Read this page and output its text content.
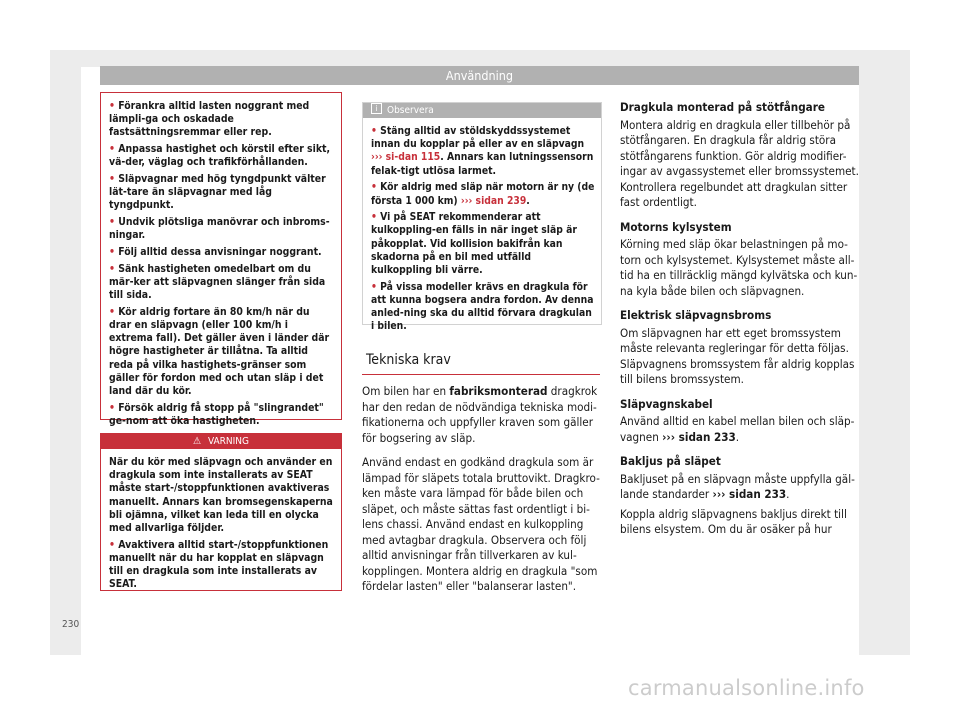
Användning

• Förankra alltid lasten noggrant med lämpli-ga och oskadade fastsättningsremmar eller rep.

• Anpassa hastighet och körstil efter sikt, vä-der, väglag och trafikförhållanden.

• Släpvagnar med hög tyngdpunkt välter lät-tare än släpvagnar med låg tyngdpunkt.

• Undvik plötsliga manövrar och inbroms-ningar.

• Följ alltid dessa anvisningar noggrant.

• Sänk hastigheten omedelbart om du mär-ker att släpvagnen slänger från sida till sida.

• Kör aldrig fortare än 80 km/h när du drar en släpvagn (eller 100 km/h i extrema fall). Det gäller även i länder där högre hastigheter är tillåtna. Ta alltid reda på vilka hastighets-gränser som gäller för fordon med och utan släp i det land där du kör.

• Försök aldrig få stopp på "slingrandet" ge-nom att öka hastigheten.

⚠ VARNING

När du kör med släpvagn och använder en dragkula som inte installerats av SEAT måste start-/stoppfunktionen avaktiveras manuellt. Annars kan bromsegenskaperna bli ojämna, vilket kan leda till en olycka med allvarliga följder.

• Avaktivera alltid start-/stoppfunktionen manuellt när du har kopplat en släpvagn till en dragkula som inte installerats av SEAT.

i Observera

• Stäng alltid av stöldskyddssystemet innan du kopplar på eller av en släpvagn ››› si-dan 115. Annars kan lutningssensorn felak-tigt utlösa larmet.

• Kör aldrig med släp när motorn är ny (de första 1 000 km) ››› sidan 239.

• Vi på SEAT rekommenderar att kulkoppling-en fälls in när inget släp är påkopplat. Vid kollision bakifrån kan skadorna på en bil med utfälld kulkoppling bli värre.

• På vissa modeller krävs en dragkula för att kunna bogsera andra fordon. Av denna anled-ning ska du alltid förvara dragkulan i bilen.

Tekniska krav

Om bilen har en fabriksmonterad dragkrok har den redan de nödvändiga tekniska modi-fikationerna och uppfyller kraven som gäller för bogsering av släp.

Använd endast en godkänd dragkula som är lämpad för släpets totala bruttovikt. Dragkro-ken måste vara lämpad för både bilen och släpet, och måste sättas fast ordentligt i bi-lens chassi. Använd endast en kulkoppling med avtagbar dragkula. Observera och följ alltid anvisningar från tillverkaren av kul-kopplingen. Montera aldrig en dragkula "som fördelar lasten" eller "balanserar lasten".

Dragkula monterad på stötfångare

Montera aldrig en dragkula eller tillbehör på stötfångaren. En dragkula får aldrig störa stötfångarens funktion. Gör aldrig modifier-ingar av avgassystemet eller bromssystemet. Kontrollera regelbundet att dragkulan sitter fast ordentligt.

Motorns kylsystem

Körning med släp ökar belastningen på mo-torn och kylsystemet. Kylsystemet måste all-tid ha en tillräcklig mängd kylvätska och kun-na kyla både bilen och släpvagnen.

Elektrisk släpvagnsbroms

Om släpvagnen har ett eget bromssystem måste relevanta regleringar för detta följas. Släpvagnens bromssystem får aldrig kopplas till bilens bromssystem.

Släpvagnskabel

Använd alltid en kabel mellan bilen och släp-vagnen ››› sidan 233.

Bakljus på släpet

Bakljuset på en släpvagn måste uppfylla gäl-lande standarder ››› sidan 233.

Koppla aldrig släpvagnens bakljus direkt till bilens elsystem. Om du är osäker på hur

230
carmanualsonline.info
